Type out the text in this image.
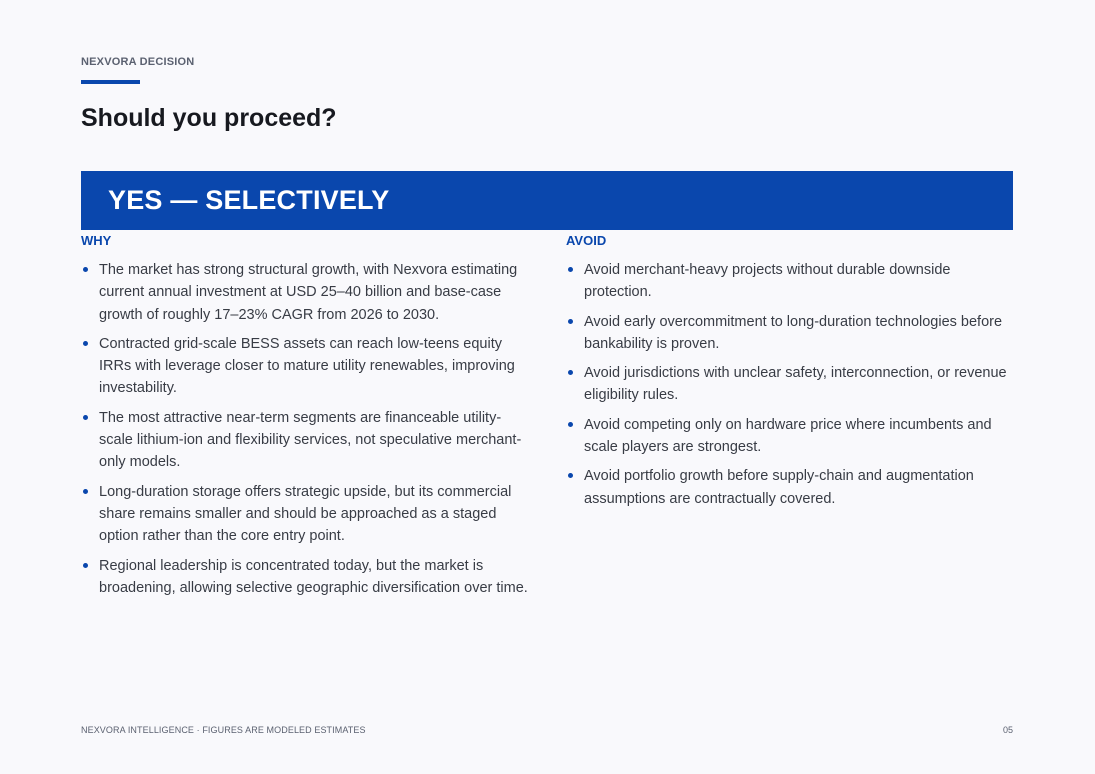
NEXVORA DECISION
Should you proceed?
YES — SELECTIVELY
WHY
The market has strong structural growth, with Nexvora estimating current annual investment at USD 25–40 billion and base-case growth of roughly 17–23% CAGR from 2026 to 2030.
Contracted grid-scale BESS assets can reach low-teens equity IRRs with leverage closer to mature utility renewables, improving investability.
The most attractive near-term segments are financeable utility-scale lithium-ion and flexibility services, not speculative merchant-only models.
Long-duration storage offers strategic upside, but its commercial share remains smaller and should be approached as a staged option rather than the core entry point.
Regional leadership is concentrated today, but the market is broadening, allowing selective geographic diversification over time.
AVOID
Avoid merchant-heavy projects without durable downside protection.
Avoid early overcommitment to long-duration technologies before bankability is proven.
Avoid jurisdictions with unclear safety, interconnection, or revenue eligibility rules.
Avoid competing only on hardware price where incumbents and scale players are strongest.
Avoid portfolio growth before supply-chain and augmentation assumptions are contractually covered.
NEXVORA INTELLIGENCE · FIGURES ARE MODELED ESTIMATES	05
